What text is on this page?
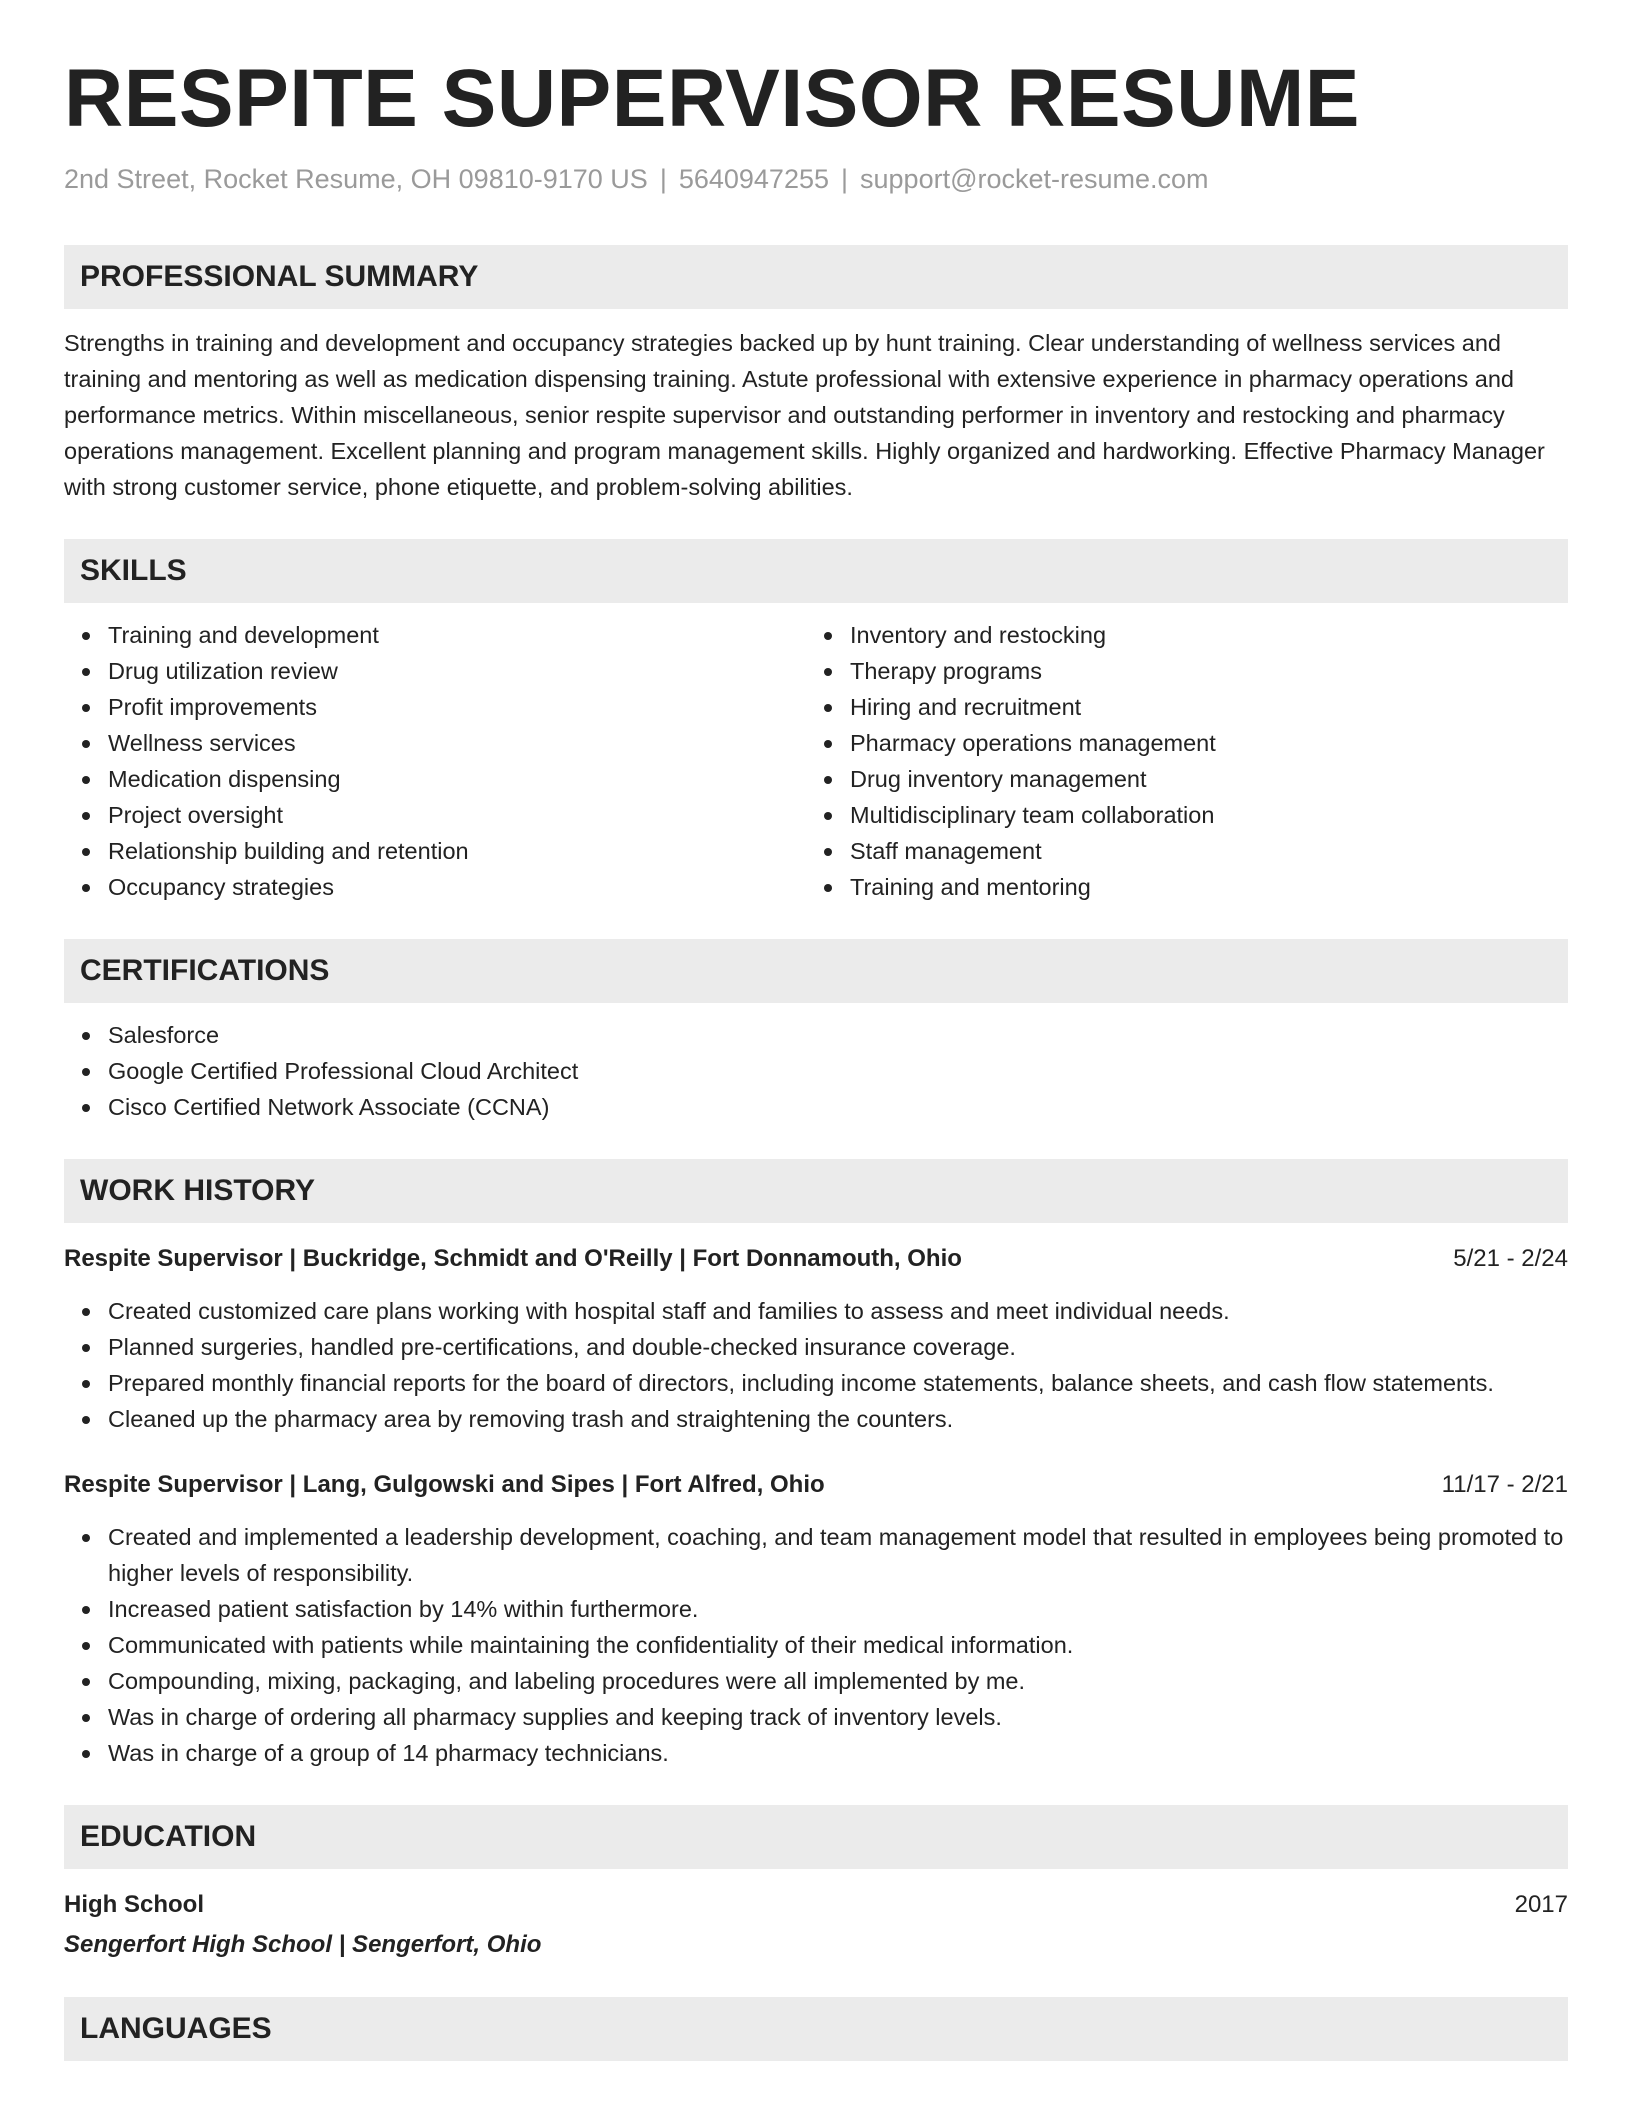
RESPITE SUPERVISOR RESUME
2nd Street, Rocket Resume, OH 09810-9170 US | 5640947255 | support@rocket-resume.com
PROFESSIONAL SUMMARY
Strengths in training and development and occupancy strategies backed up by hunt training. Clear understanding of wellness services and training and mentoring as well as medication dispensing training. Astute professional with extensive experience in pharmacy operations and performance metrics. Within miscellaneous, senior respite supervisor and outstanding performer in inventory and restocking and pharmacy operations management. Excellent planning and program management skills. Highly organized and hardworking. Effective Pharmacy Manager with strong customer service, phone etiquette, and problem-solving abilities.
SKILLS
Training and development
Drug utilization review
Profit improvements
Wellness services
Medication dispensing
Project oversight
Relationship building and retention
Occupancy strategies
Inventory and restocking
Therapy programs
Hiring and recruitment
Pharmacy operations management
Drug inventory management
Multidisciplinary team collaboration
Staff management
Training and mentoring
CERTIFICATIONS
Salesforce
Google Certified Professional Cloud Architect
Cisco Certified Network Associate (CCNA)
WORK HISTORY
Respite Supervisor | Buckridge, Schmidt and O'Reilly | Fort Donnamouth, Ohio	5/21 - 2/24
Created customized care plans working with hospital staff and families to assess and meet individual needs.
Planned surgeries, handled pre-certifications, and double-checked insurance coverage.
Prepared monthly financial reports for the board of directors, including income statements, balance sheets, and cash flow statements.
Cleaned up the pharmacy area by removing trash and straightening the counters.
Respite Supervisor | Lang, Gulgowski and Sipes | Fort Alfred, Ohio	11/17 - 2/21
Created and implemented a leadership development, coaching, and team management model that resulted in employees being promoted to higher levels of responsibility.
Increased patient satisfaction by 14% within furthermore.
Communicated with patients while maintaining the confidentiality of their medical information.
Compounding, mixing, packaging, and labeling procedures were all implemented by me.
Was in charge of ordering all pharmacy supplies and keeping track of inventory levels.
Was in charge of a group of 14 pharmacy technicians.
EDUCATION
High School	2017
Sengerfort High School | Sengerfort, Ohio
LANGUAGES
